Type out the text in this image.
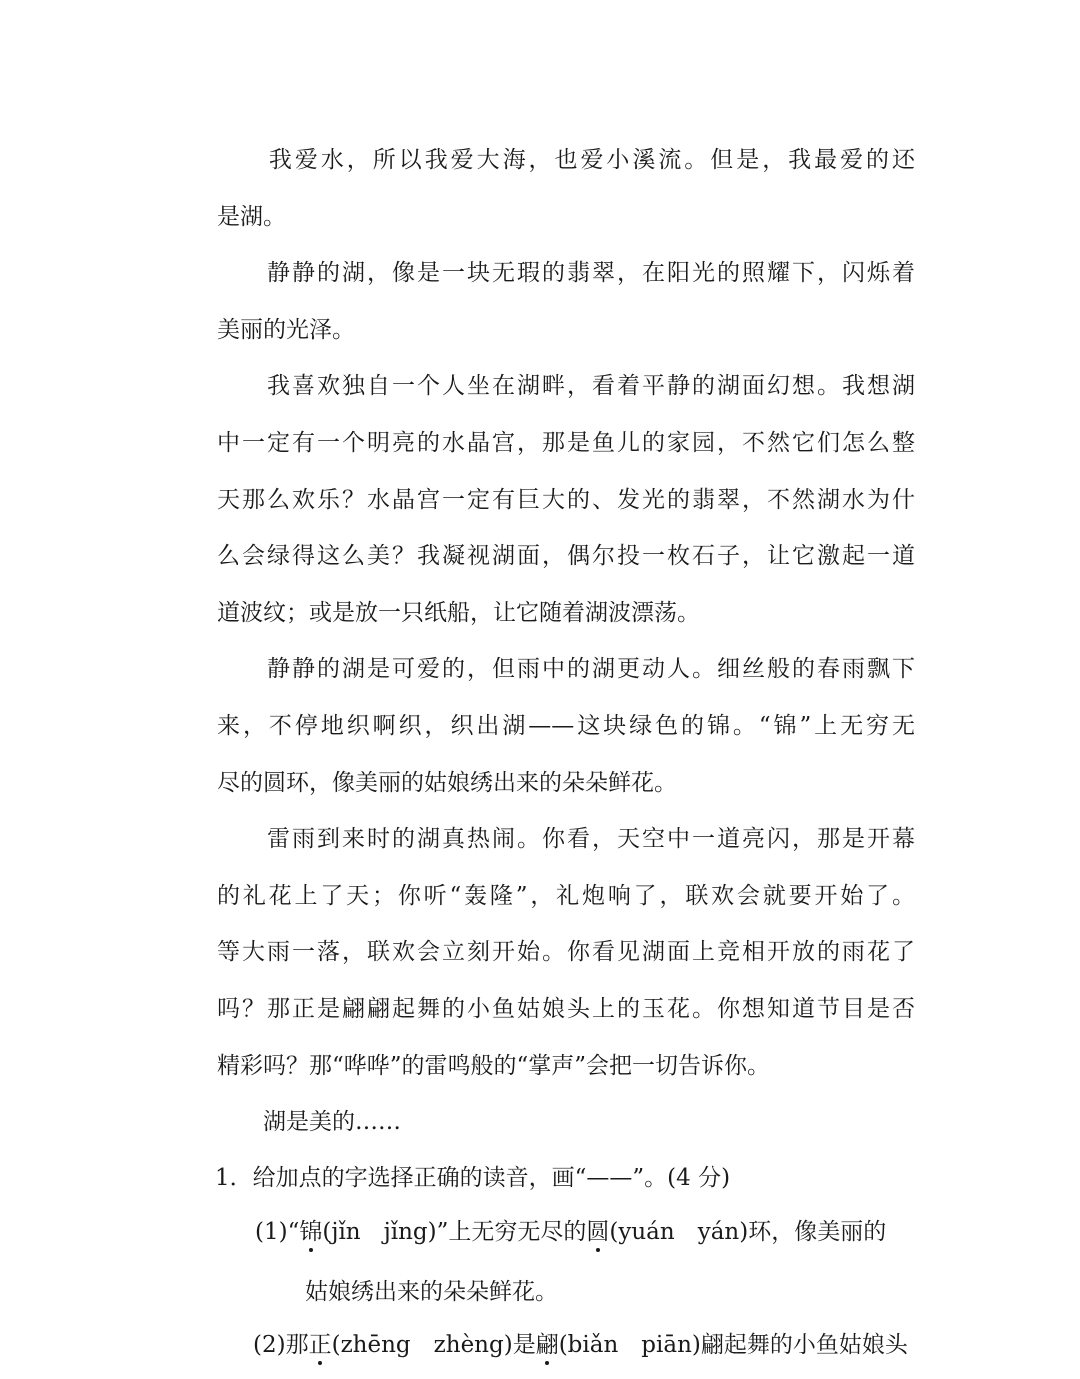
　　我爱水，所以我爱大海，也爱小溪流。但是，我最爱的还
是湖。
　　静静的湖，像是一块无瑕的翡翠，在阳光的照耀下，闪烁着
美丽的光泽。
　　我喜欢独自一个人坐在湖畔，看着平静的湖面幻想。我想湖
中一定有一个明亮的水晶宫，那是鱼儿的家园，不然它们怎么整
天那么欢乐？水晶宫一定有巨大的、发光的翡翠，不然湖水为什
么会绿得这么美？我凝视湖面，偶尔投一枚石子，让它激起一道
道波纹；或是放一只纸船，让它随着湖波漂荡。
　　静静的湖是可爱的，但雨中的湖更动人。细丝般的春雨飘下
来，不停地织啊织，织出湖——这块绿色的锦。“锦”上无穷无
尽的圆环，像美丽的姑娘绣出来的朵朵鲜花。
　　雷雨到来时的湖真热闹。你看，天空中一道亮闪，那是开幕
的礼花上了天；你听“轰隆”，礼炮响了，联欢会就要开始了。
等大雨一落，联欢会立刻开始。你看见湖面上竞相开放的雨花了
吗？那正是翩翩起舞的小鱼姑娘头上的玉花。你想知道节目是否
精彩吗？那“哗哗”的雷鸣般的“掌声”会把一切告诉你。
　　湖是美的……
1．给加点的字选择正确的读音，画“——”。(4 分)
(1)“锦(jǐn　jǐng)”上无穷无尽的圆(yuán　yán)环，像美丽的
姑娘绣出来的朵朵鲜花。
(2)那正(zhēng　zhèng)是翩(biǎn　piān)翩起舞的小鱼姑娘头
